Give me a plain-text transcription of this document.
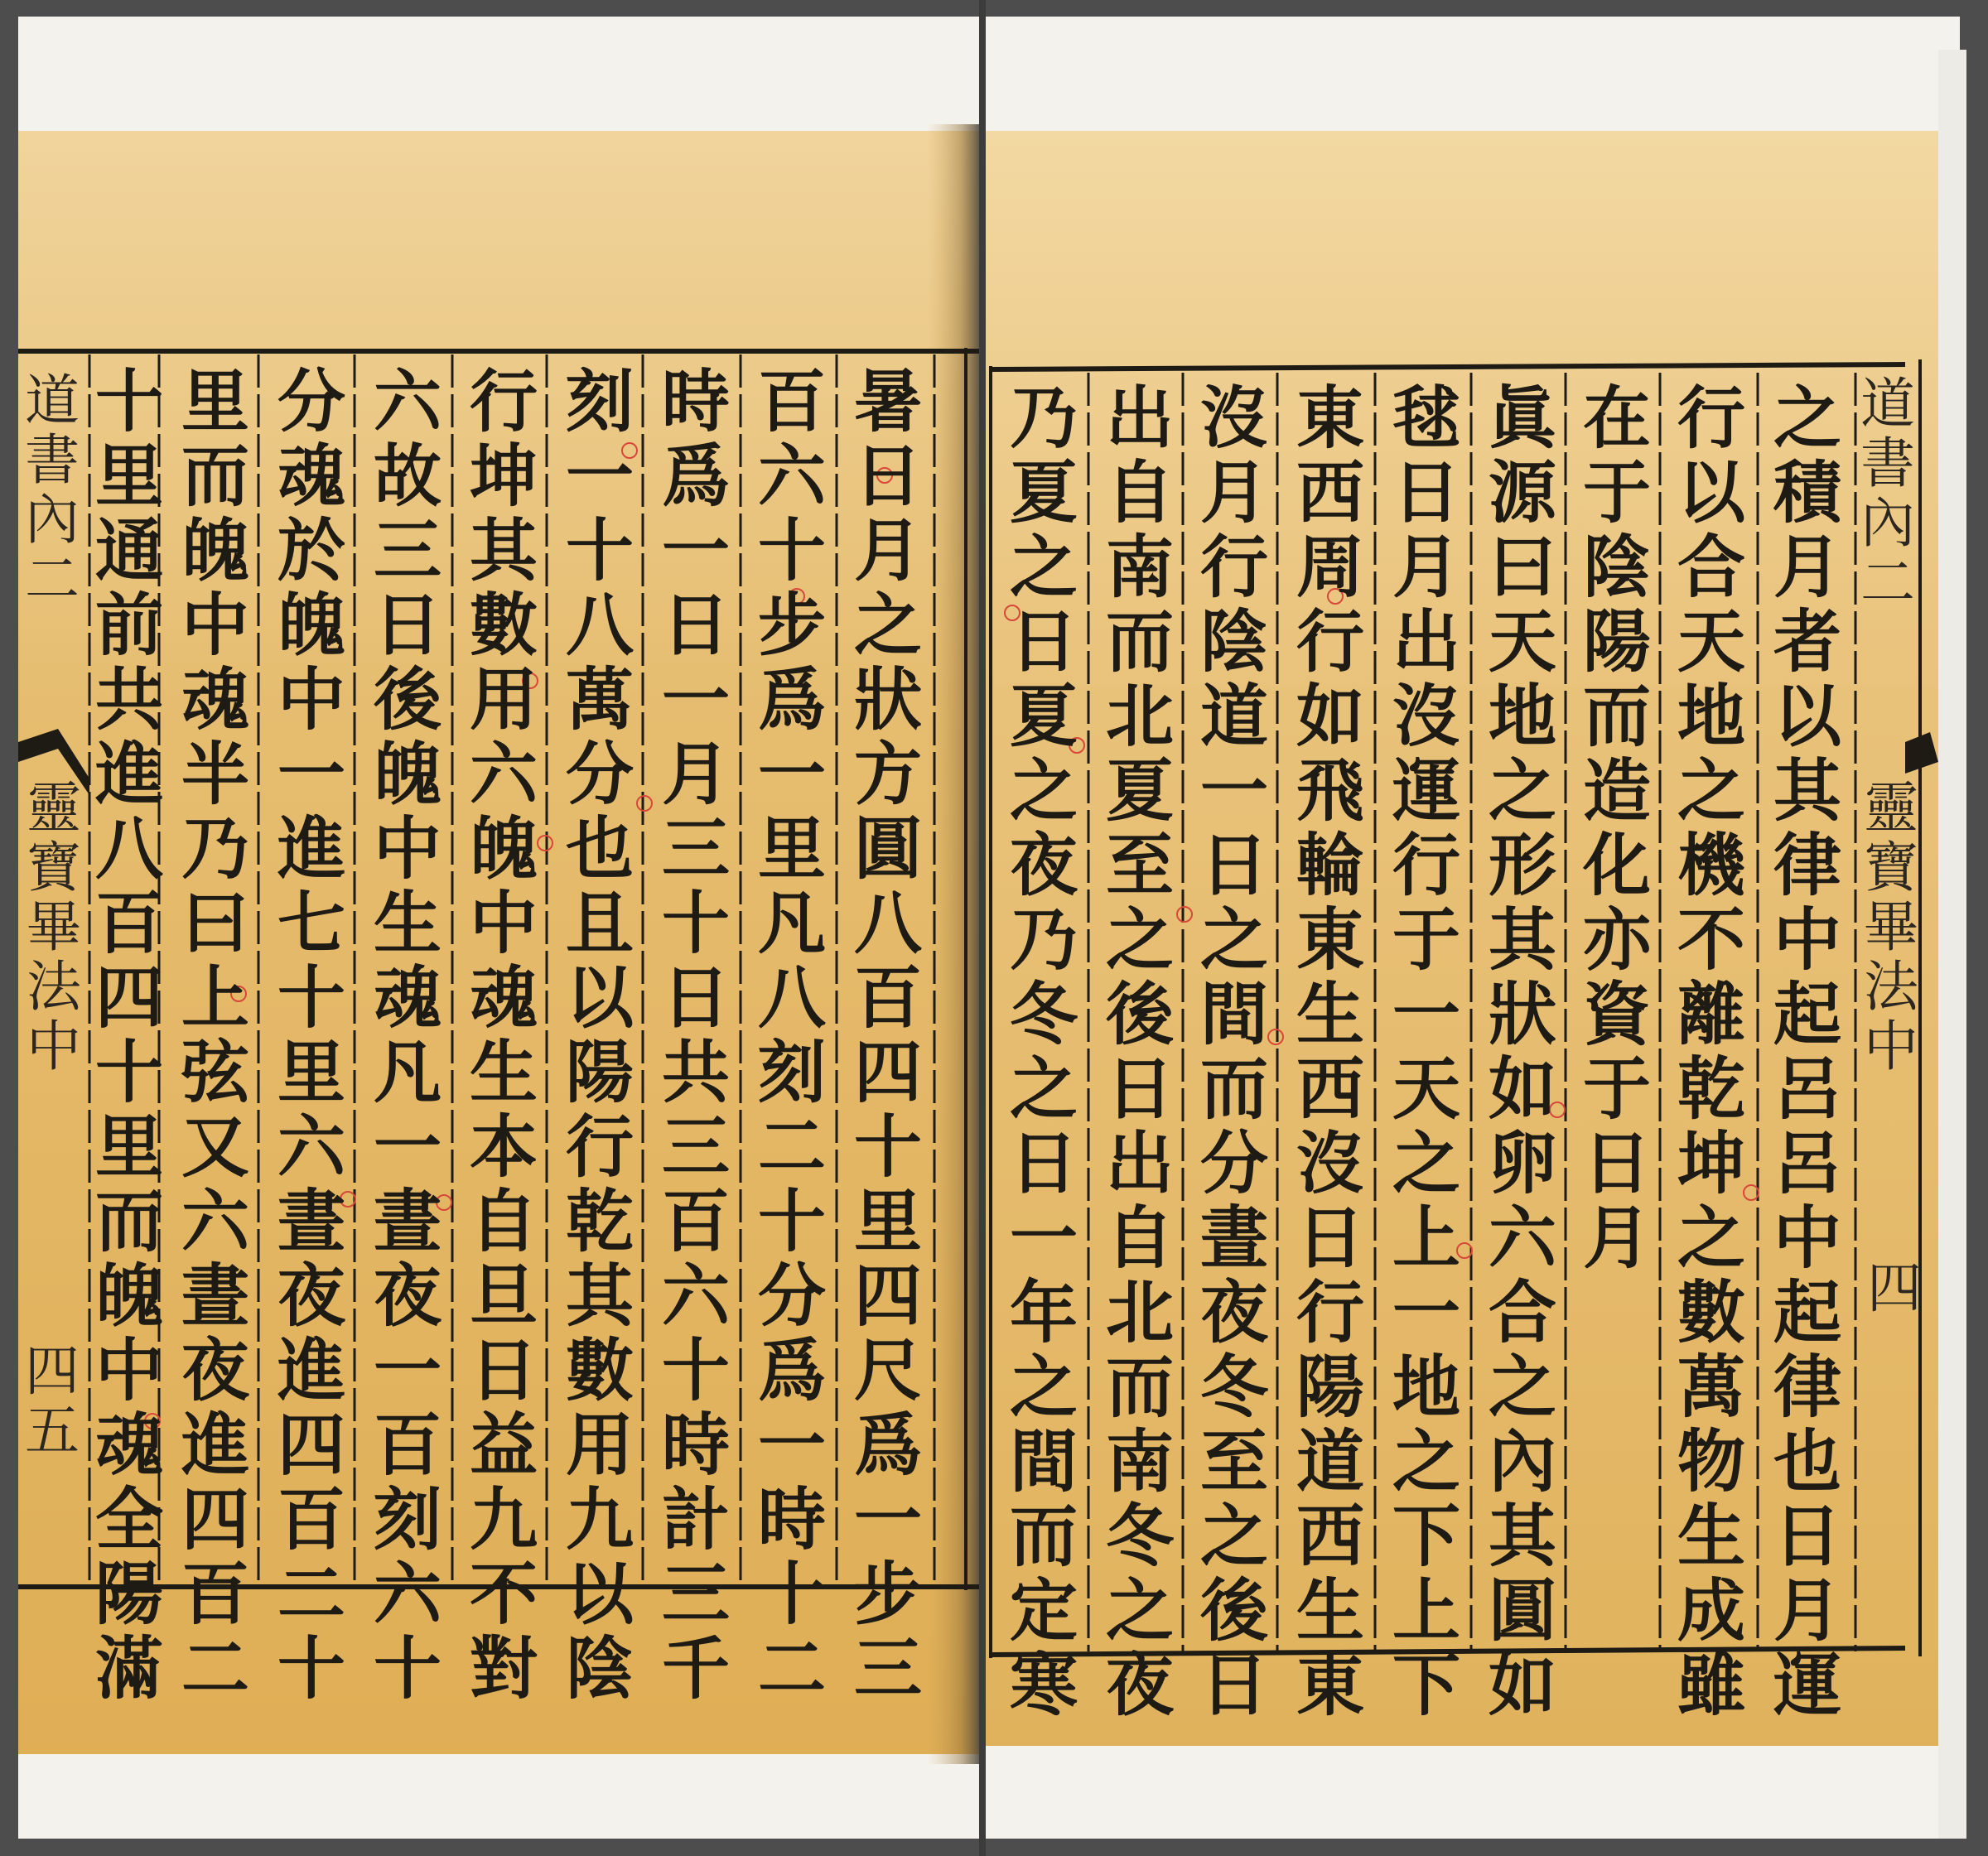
道書內二
靈寶畢法中
四五
道書內二
靈寶畢法中
四
暑日月之狀方圓八百四十里四尺爲一步三
百六十步爲一里凡八刻二十分爲一時十二
時爲一日一月三十日共三百六十時計三千
刻一十八萬分也且以陽行乾其數用九以陰
行坤其數用六魄中魂生本自旦日益九不對
六故三日後魄中生魂凡一晝夜一百刻六十
分魂於魄中一進七十里六晝夜進四百二十
里而魄中魂半乃曰上弦又六晝夜進四百二
十里通前共進八百四十里而魄中魂全陽滿
之積月者以其律中起呂呂中起律也日月運
行以合天地之機不離乾坤之數萬物生成雖
在于陰陽而造化亦資于日月
眞源曰天地之形其狀如卵六合之內其圓如
毬日月出沒運行于一天之上一地之下上下
東西周行如飛輪東生西沒日行陽道西生東
沒月行陰道一日之間而分晝夜冬至之後日
出自南而北夏至之後日出自北而南冬之夜
乃夏之日夏之夜乃冬之日一年之間而定寒
